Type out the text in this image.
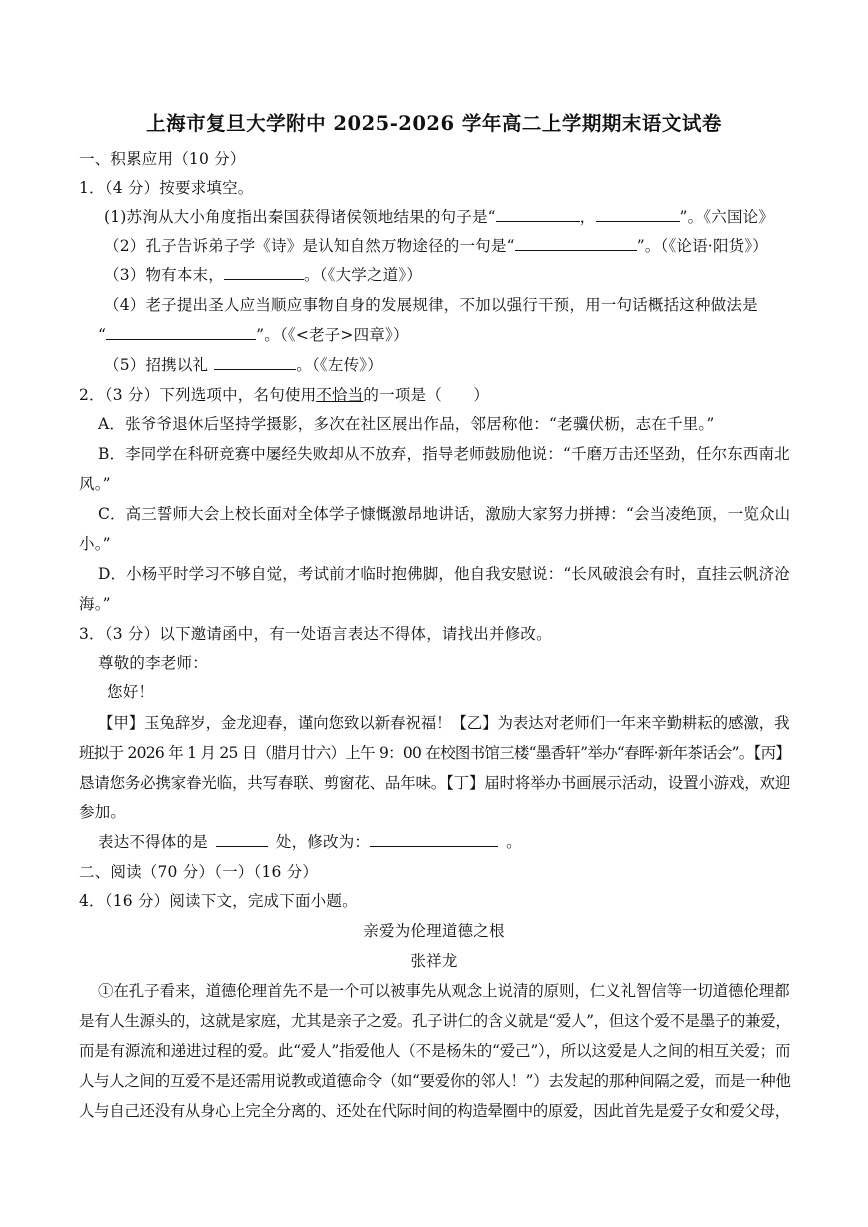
上海市复旦大学附中 2025-2026 学年高二上学期期末语文试卷
一、积累应用（10 分）
1．（4 分）按要求填空。
(1)苏洵从大小角度指出秦国获得诸侯领地结果的句子是“	，	”。《六国论》
（2）孔子告诉弟子学《诗》是认知自然万物途径的一句是“	”。（《论语·阳货》）
（3）物有本末，	。（《大学之道》）
（4）老子提出圣人应当顺应事物自身的发展规律，不加以强行干预，用一句话概括这种做法是
“	”。（《<老子>四章》）
（5）招携以礼	。（《左传》）
2．（3 分）下列选项中，名句使用不恰当的一项是（　　）
A．张爷爷退休后坚持学摄影，多次在社区展出作品，邻居称他：“老骥伏枥，志在千里。”
B．李同学在科研竞赛中屡经失败却从不放弃，指导老师鼓励他说：“千磨万击还坚劲，任尔东西南北
风。”
C．高三誓师大会上校长面对全体学子慷慨激昂地讲话，激励大家努力拼搏：“会当凌绝顶，一览众山
小。”
D．小杨平时学习不够自觉，考试前才临时抱佛脚，他自我安慰说：“长风破浪会有时，直挂云帆济沧
海。”
3．（3 分）以下邀请函中，有一处语言表达不得体，请找出并修改。
尊敬的李老师：
您好！
【甲】玉兔辞岁，金龙迎春，谨向您致以新春祝福！【乙】为表达对老师们一年来辛勤耕耘的感激，我
班拟于 2026 年 1 月 25 日（腊月廿六）上午 9：00 在校图书馆三楼“墨香轩”举办“春晖·新年茶话会”。【丙】
恳请您务必携家眷光临，共写春联、剪窗花、品年味。【丁】届时将举办书画展示活动，设置小游戏，欢迎
参加。
表达不得体的是	处，修改为：	。
二、阅读（70 分）（一）（16 分）
4．（16 分）阅读下文，完成下面小题。
亲爱为伦理道德之根
张祥龙
①在孔子看来，道德伦理首先不是一个可以被事先从观念上说清的原则，仁义礼智信等一切道德伦理都
是有人生源头的，这就是家庭，尤其是亲子之爱。孔子讲仁的含义就是“爱人”，但这个爱不是墨子的兼爱，
而是有源流和递进过程的爱。此“爱人”指爱他人（不是杨朱的“爱己”），所以这爱是人之间的相互关爱；而
人与人之间的互爱不是还需用说教或道德命令（如“要爱你的邻人！”）去发起的那种间隔之爱，而是一种他
人与自己还没有从身心上完全分离的、还处在代际时间的构造晕圈中的原爱，因此首先是爱子女和爱父母，
